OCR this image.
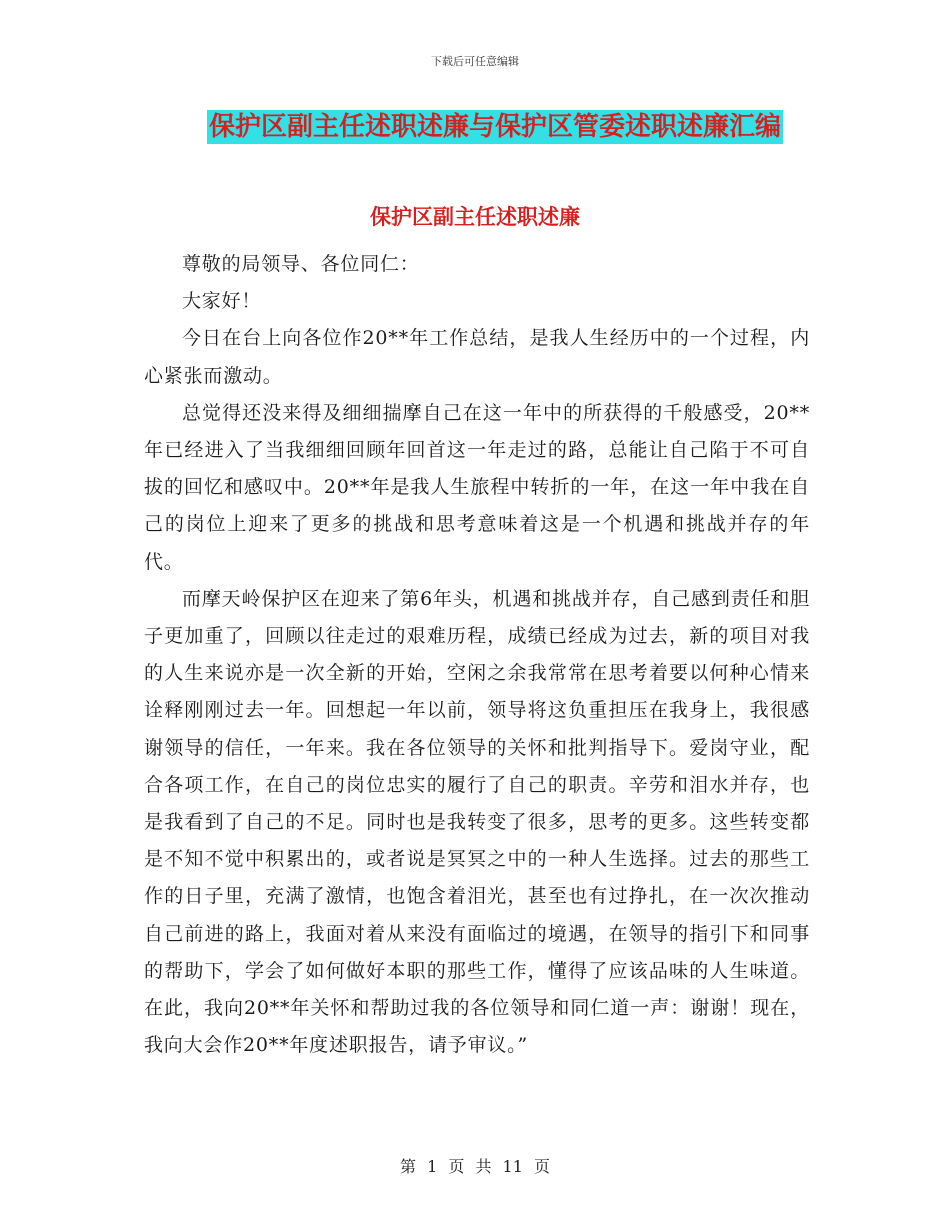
下载后可任意编辑
保护区副主任述职述廉与保护区管委述职述廉汇编
保护区副主任述职述廉

尊敬的局领导、各位同仁：

大家好！

今日在台上向各位作20**年工作总结，是我人生经历中的一个过程，内心紧张而激动。

总觉得还没来得及细细揣摩自己在这一年中的所获得的千般感受，20**年已经进入了当我细细回顾年回首这一年走过的路，总能让自己陷于不可自拔的回忆和感叹中。20**年是我人生旅程中转折的一年，在这一年中我在自己的岗位上迎来了更多的挑战和思考意味着这是一个机遇和挑战并存的年代。

而摩天岭保护区在迎来了第6年头，机遇和挑战并存，自己感到责任和胆子更加重了，回顾以往走过的艰难历程，成绩已经成为过去，新的项目对我的人生来说亦是一次全新的开始，空闲之余我常常在思考着要以何种心情来诠释刚刚过去一年。回想起一年以前，领导将这负重担压在我身上，我很感谢领导的信任，一年来。我在各位领导的关怀和批判指导下。爱岗守业，配合各项工作，在自己的岗位忠实的履行了自己的职责。辛劳和泪水并存，也是我看到了自己的不足。同时也是我转变了很多，思考的更多。这些转变都是不知不觉中积累出的，或者说是冥冥之中的一种人生选择。过去的那些工作的日子里，充满了激情，也饱含着泪光，甚至也有过挣扎，在一次次推动自己前进的路上，我面对着从来没有面临过的境遇，在领导的指引下和同事的帮助下，学会了如何做好本职的那些工作，懂得了应该品味的人生味道。在此，我向20**年关怀和帮助过我的各位领导和同仁道一声：谢谢！现在，我向大会作20**年度述职报告，请予审议。”

第 1 页 共 11 页
